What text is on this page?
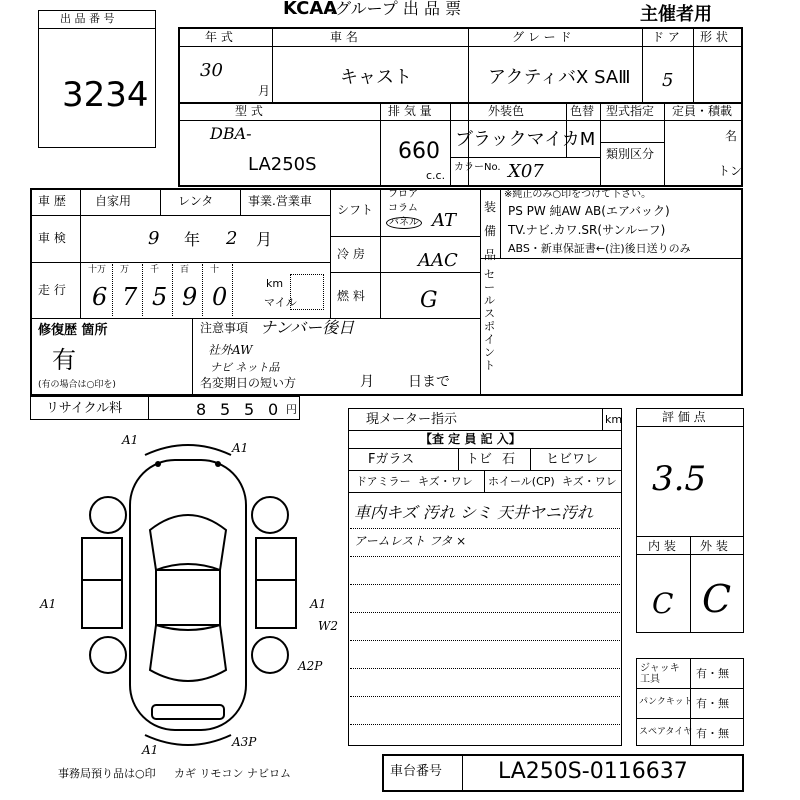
出 品 番 号
3234
KCAA
.グループ 出 品 票	主催者用
年 式
30
月
車 名
キャスト
グ レ ー ド
アクティバX SAⅢ
ド ア
5
形 状
型 式
DBA-
LA250S
排 気 量
660
c.c.
外装色	色替
ブラックマイカM
カラーNo. X07
型式指定
類別区分
定員・積載
名
トン
車 歴 自家用	レンタ	事業.営業車
車 検	9 年 2 月
走 行
十万 万 千 百 十
6 7 5 9 0	km
マイル
シフト
フロア
コラム
パネル AT
冷 房	AAC
燃 料	G
装備品
※純正のみ○印をつけて下さい。
PS PW 純AW AB(エアバック)
TV.ナビ.カワ.SR(サンルーフ)
ABS・新車保証書←(注)後日送りのみ
セールスポイント
修復歴 箇所
有
(有の場合は○印を)
注意事項 ナンバー後日
社外AW
ナビ ネット品
名変期日の短い方	月 日まで
リサイクル料	8 5 5 0 円
A1
A1
A1	A1
W2
A2P
A1
A3P
現メーター指示	km
【査 定 員 記 入】
Fガラス	トビ 石 ヒビワレ
ドアミラー キズ・ワレ ホイール(CP) キズ・ワレ
車内キズ 汚れ シミ 天井ヤニ汚れ
アームレスト フタ ×
評 価 点
3.5
内 装 外 装
C C
ジャッキ工具	有・無
パンクキット 有・無
スペアタイヤ 有・無
事務局預り品は○印 カギ リモコン ナビロム	車台番号	LA250S-0116637
